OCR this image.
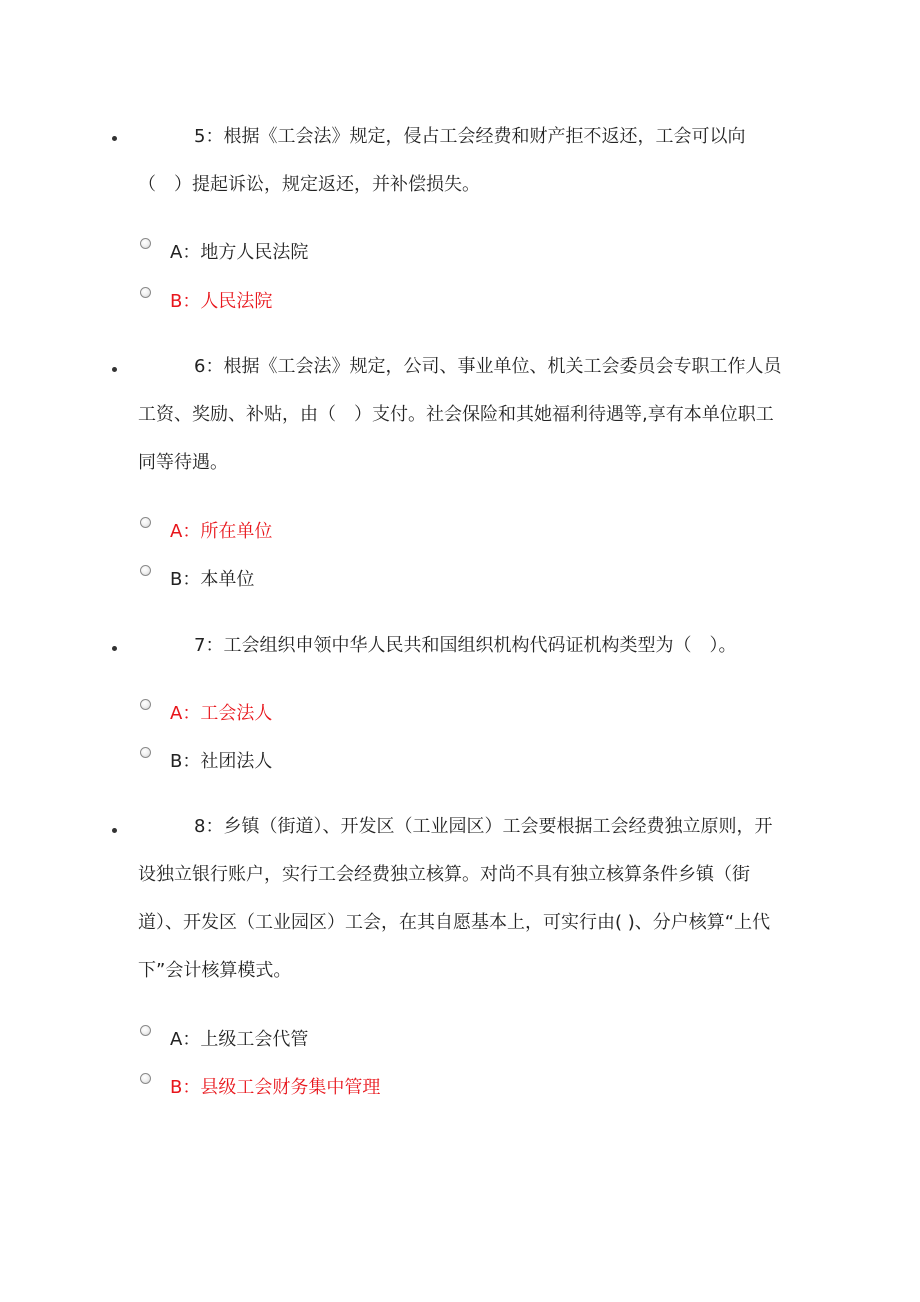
5：根据《工会法》规定，侵占工会经费和财产拒不返还，工会可以向（　）提起诉讼，规定返还，并补偿损失。
A：地方人民法院
B：人民法院
6：根据《工会法》规定，公司、事业单位、机关工会委员会专职工作人员工资、奖励、补贴，由（　）支付。社会保险和其她福利待遇等,享有本单位职工同等待遇。
A：所在单位
B：本单位
7：工会组织申领中华人民共和国组织机构代码证机构类型为（　）。
A：工会法人
B：社团法人
8：乡镇（街道）、开发区（工业园区）工会要根据工会经费独立原则，开设独立银行账户，实行工会经费独立核算。对尚不具有独立核算条件乡镇（街道）、开发区（工业园区）工会，在其自愿基本上，可实行由( )、分户核算“上代下”会计核算模式。
A：上级工会代管
B：县级工会财务集中管理
